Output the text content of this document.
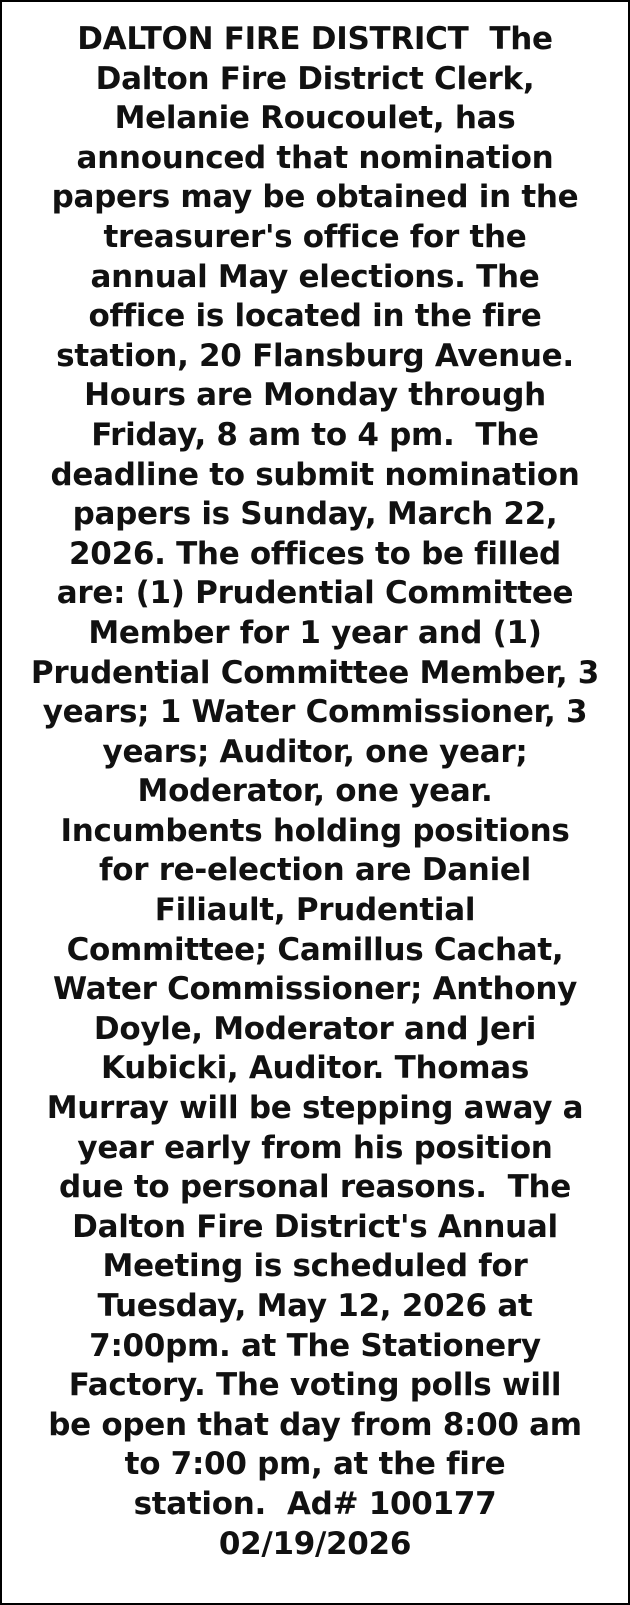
DALTON FIRE DISTRICT  The
Dalton Fire District Clerk,
Melanie Roucoulet, has
announced that nomination
papers may be obtained in the
treasurer's office for the
annual May elections. The
office is located in the fire
station, 20 Flansburg Avenue.
Hours are Monday through
Friday, 8 am to 4 pm.  The
deadline to submit nomination
papers is Sunday, March 22,
2026. The offices to be filled
are: (1) Prudential Committee
Member for 1 year and (1)
Prudential Committee Member, 3
years; 1 Water Commissioner, 3
years; Auditor, one year;
Moderator, one year.
Incumbents holding positions
for re-election are Daniel
Filiault, Prudential
Committee; Camillus Cachat,
Water Commissioner; Anthony
Doyle, Moderator and Jeri
Kubicki, Auditor. Thomas
Murray will be stepping away a
year early from his position
due to personal reasons.  The
Dalton Fire District's Annual
Meeting is scheduled for
Tuesday, May 12, 2026 at
7:00pm. at The Stationery
Factory. The voting polls will
be open that day from 8:00 am
to 7:00 pm, at the fire
station.  Ad# 100177
02/19/2026
